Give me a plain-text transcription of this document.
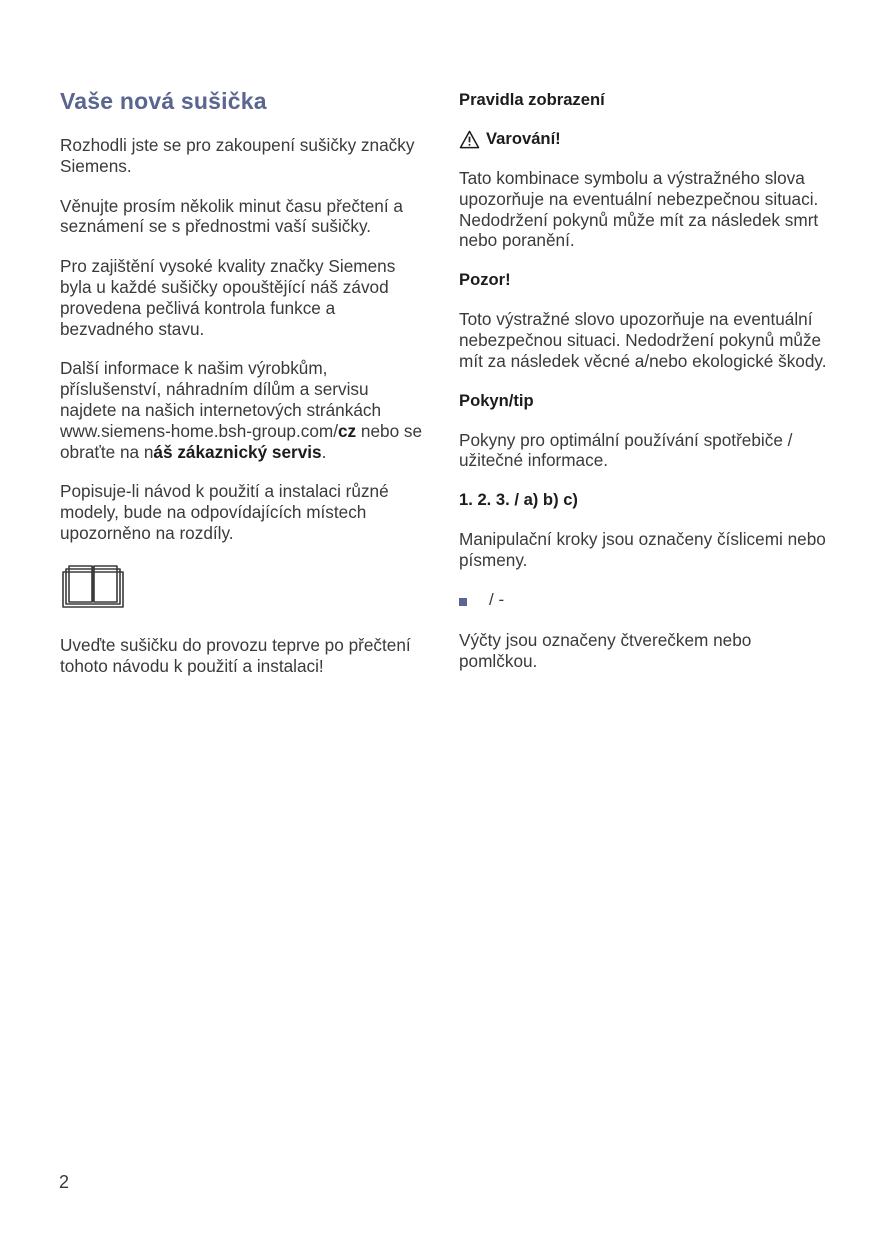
Vaše nová sušička

Rozhodli jste se pro zakoupení sušičky značky Siemens.

Věnujte prosím několik minut času přečtení a seznámení se s přednostmi vaší sušičky.

Pro zajištění vysoké kvality značky Siemens byla u každé sušičky opouštějící náš závod provedena pečlivá kontrola funkce a bezvadného stavu.

Další informace k našim výrobkům, příslušenství, náhradním dílům a servisu najdete na našich internetových stránkách www.siemens-home.bsh-group.com/cz nebo se obraťte na náš zákaznický servis.

Popisuje-li návod k použití a instalaci různé modely, bude na odpovídajících místech upozorněno na rozdíly.

Uveďte sušičku do provozu teprve po přečtení tohoto návodu k použití a instalaci!

Pravidla zobrazení
Varování!

Tato kombinace symbolu a výstražného slova upozorňuje na eventuální nebezpečnou situaci. Nedodržení pokynů může mít za následek smrt nebo poranění.

Pozor!

Toto výstražné slovo upozorňuje na eventuální nebezpečnou situaci. Nedodržení pokynů může mít za následek věcné a/nebo ekologické škody.

Pokyn/tip

Pokyny pro optimální používání spotřebiče / užitečné informace.

1. 2. 3. / a) b) c)

Manipulační kroky jsou označeny číslicemi nebo písmeny.

/ -

Výčty jsou označeny čtverečkem nebo pomlčkou.

2
